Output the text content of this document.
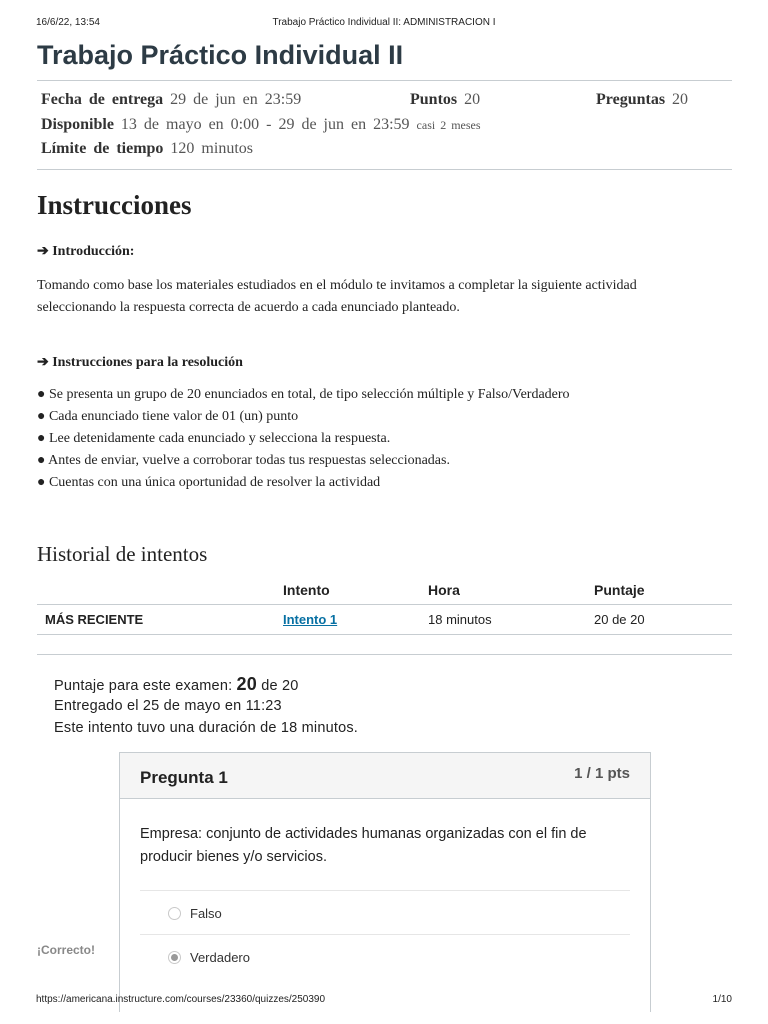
16/6/22, 13:54	Trabajo Práctico Individual II: ADMINISTRACION I
Trabajo Práctico Individual II
Fecha de entrega 29 de jun en 23:59	Puntos 20	Preguntas 20
Disponible 13 de mayo en 0:00 - 29 de jun en 23:59 casi 2 meses
Límite de tiempo 120 minutos
Instrucciones
➔ Introducción:
Tomando como base los materiales estudiados en el módulo te invitamos a completar la siguiente actividad
seleccionando la respuesta correcta de acuerdo a cada enunciado planteado.
➔ Instrucciones para la resolución
● Se presenta un grupo de 20 enunciados en total, de tipo selección múltiple y Falso/Verdadero
● Cada enunciado tiene valor de 01 (un) punto
● Lee detenidamente cada enunciado y selecciona la respuesta.
● Antes de enviar, vuelve a corroborar todas tus respuestas seleccionadas.
● Cuentas con una única oportunidad de resolver la actividad
Historial de intentos
	Intento	Hora	Puntaje
MÁS RECIENTE	Intento 1	18 minutos	20 de 20
Puntaje para este examen: 20 de 20
Entregado el 25 de mayo en 11:23
Este intento tuvo una duración de 18 minutos.
Pregunta 1	1 / 1 pts
Empresa: conjunto de actividades humanas organizadas con el fin de producir bienes y/o servicios.
Falso
Verdadero
¡Correcto!
https://americana.instructure.com/courses/23360/quizzes/250390	1/10
